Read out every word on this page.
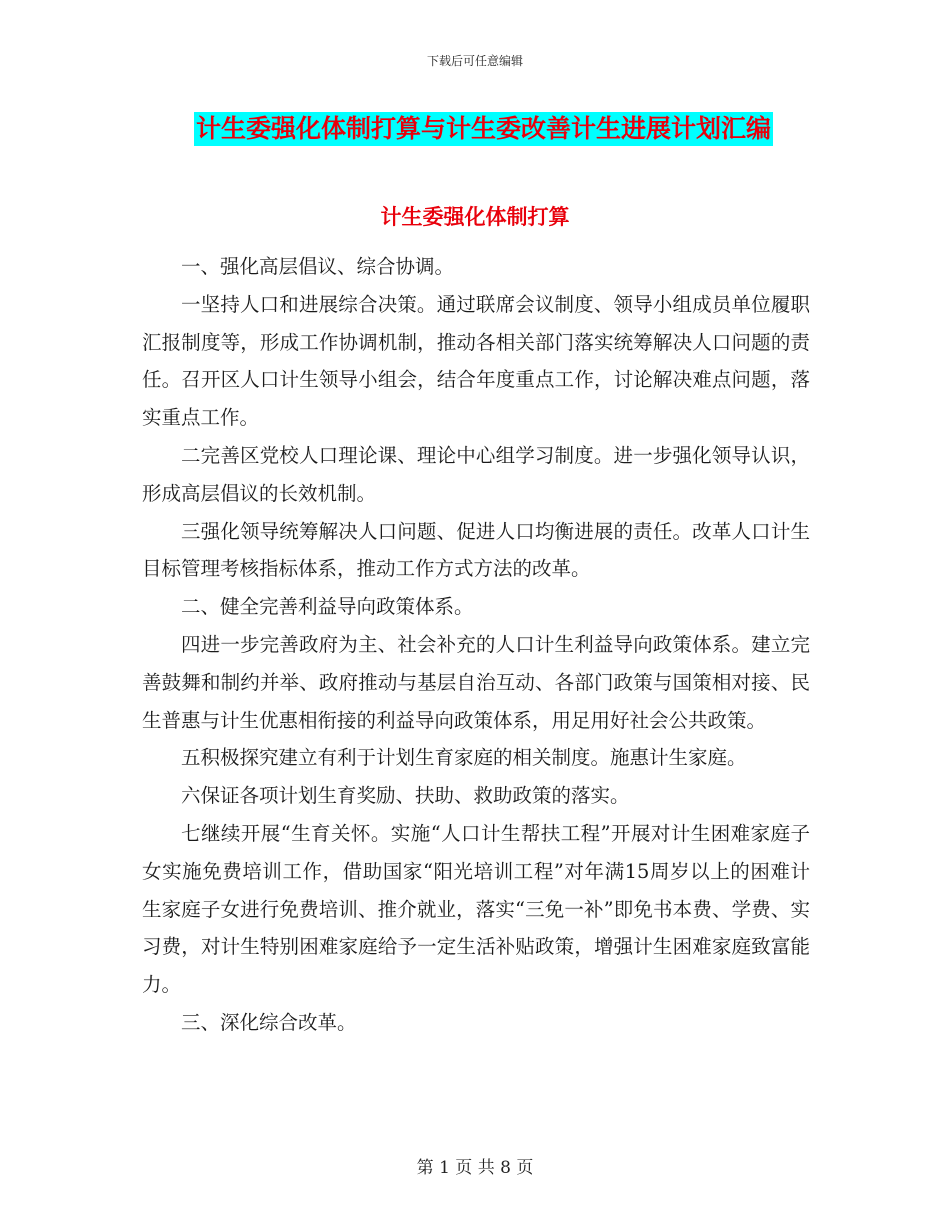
下载后可任意编辑
计生委强化体制打算与计生委改善计生进展计划汇编
计生委强化体制打算

一、强化高层倡议、综合协调。

一坚持人口和进展综合决策。通过联席会议制度、领导小组成员单位履职汇报制度等，形成工作协调机制，推动各相关部门落实统筹解决人口问题的责任。召开区人口计生领导小组会，结合年度重点工作，讨论解决难点问题，落实重点工作。

二完善区党校人口理论课、理论中心组学习制度。进一步强化领导认识，形成高层倡议的长效机制。

三强化领导统筹解决人口问题、促进人口均衡进展的责任。改革人口计生目标管理考核指标体系，推动工作方式方法的改革。

二、健全完善利益导向政策体系。

四进一步完善政府为主、社会补充的人口计生利益导向政策体系。建立完善鼓舞和制约并举、政府推动与基层自治互动、各部门政策与国策相对接、民生普惠与计生优惠相衔接的利益导向政策体系，用足用好社会公共政策。

五积极探究建立有利于计划生育家庭的相关制度。施惠计生家庭。

六保证各项计划生育奖励、扶助、救助政策的落实。

七继续开展“生育关怀。实施“人口计生帮扶工程”开展对计生困难家庭子女实施免费培训工作，借助国家“阳光培训工程”对年满15周岁以上的困难计生家庭子女进行免费培训、推介就业，落实“三免一补”即免书本费、学费、实习费，对计生特别困难家庭给予一定生活补贴政策，增强计生困难家庭致富能力。

三、深化综合改革。

第 1 页 共 8 页
